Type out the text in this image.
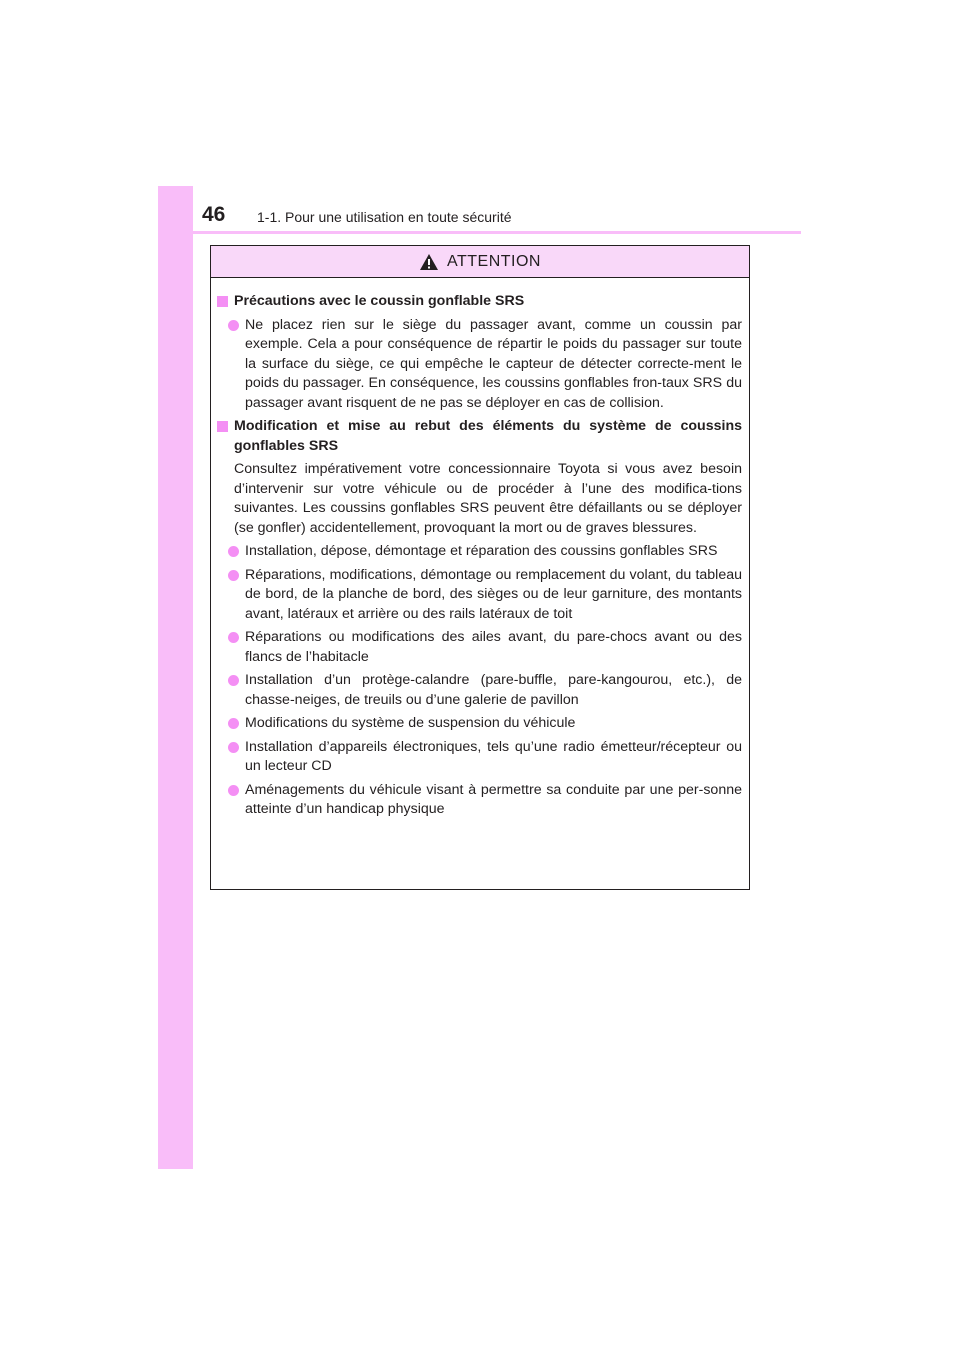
46 1-1. Pour une utilisation en toute sécurité
ATTENTION
Précautions avec le coussin gonflable SRS
Ne placez rien sur le siège du passager avant, comme un coussin par exemple. Cela a pour conséquence de répartir le poids du passager sur toute la surface du siège, ce qui empêche le capteur de détecter correcte-ment le poids du passager. En conséquence, les coussins gonflables fron-taux SRS du passager avant risquent de ne pas se déployer en cas de collision.
Modification et mise au rebut des éléments du système de coussins gonflables SRS
Consultez impérativement votre concessionnaire Toyota si vous avez besoin d’intervenir sur votre véhicule ou de procéder à l’une des modifica-tions suivantes. Les coussins gonflables SRS peuvent être défaillants ou se déployer (se gonfler) accidentellement, provoquant la mort ou de graves blessures.
Installation, dépose, démontage et réparation des coussins gonflables SRS
Réparations, modifications, démontage ou remplacement du volant, du tableau de bord, de la planche de bord, des sièges ou de leur garniture, des montants avant, latéraux et arrière ou des rails latéraux de toit
Réparations ou modifications des ailes avant, du pare-chocs avant ou des flancs de l’habitacle
Installation d’un protège-calandre (pare-buffle, pare-kangourou, etc.), de chasse-neiges, de treuils ou d’une galerie de pavillon
Modifications du système de suspension du véhicule
Installation d’appareils électroniques, tels qu’une radio émetteur/récepteur ou un lecteur CD
Aménagements du véhicule visant à permettre sa conduite par une per-sonne atteinte d’un handicap physique
